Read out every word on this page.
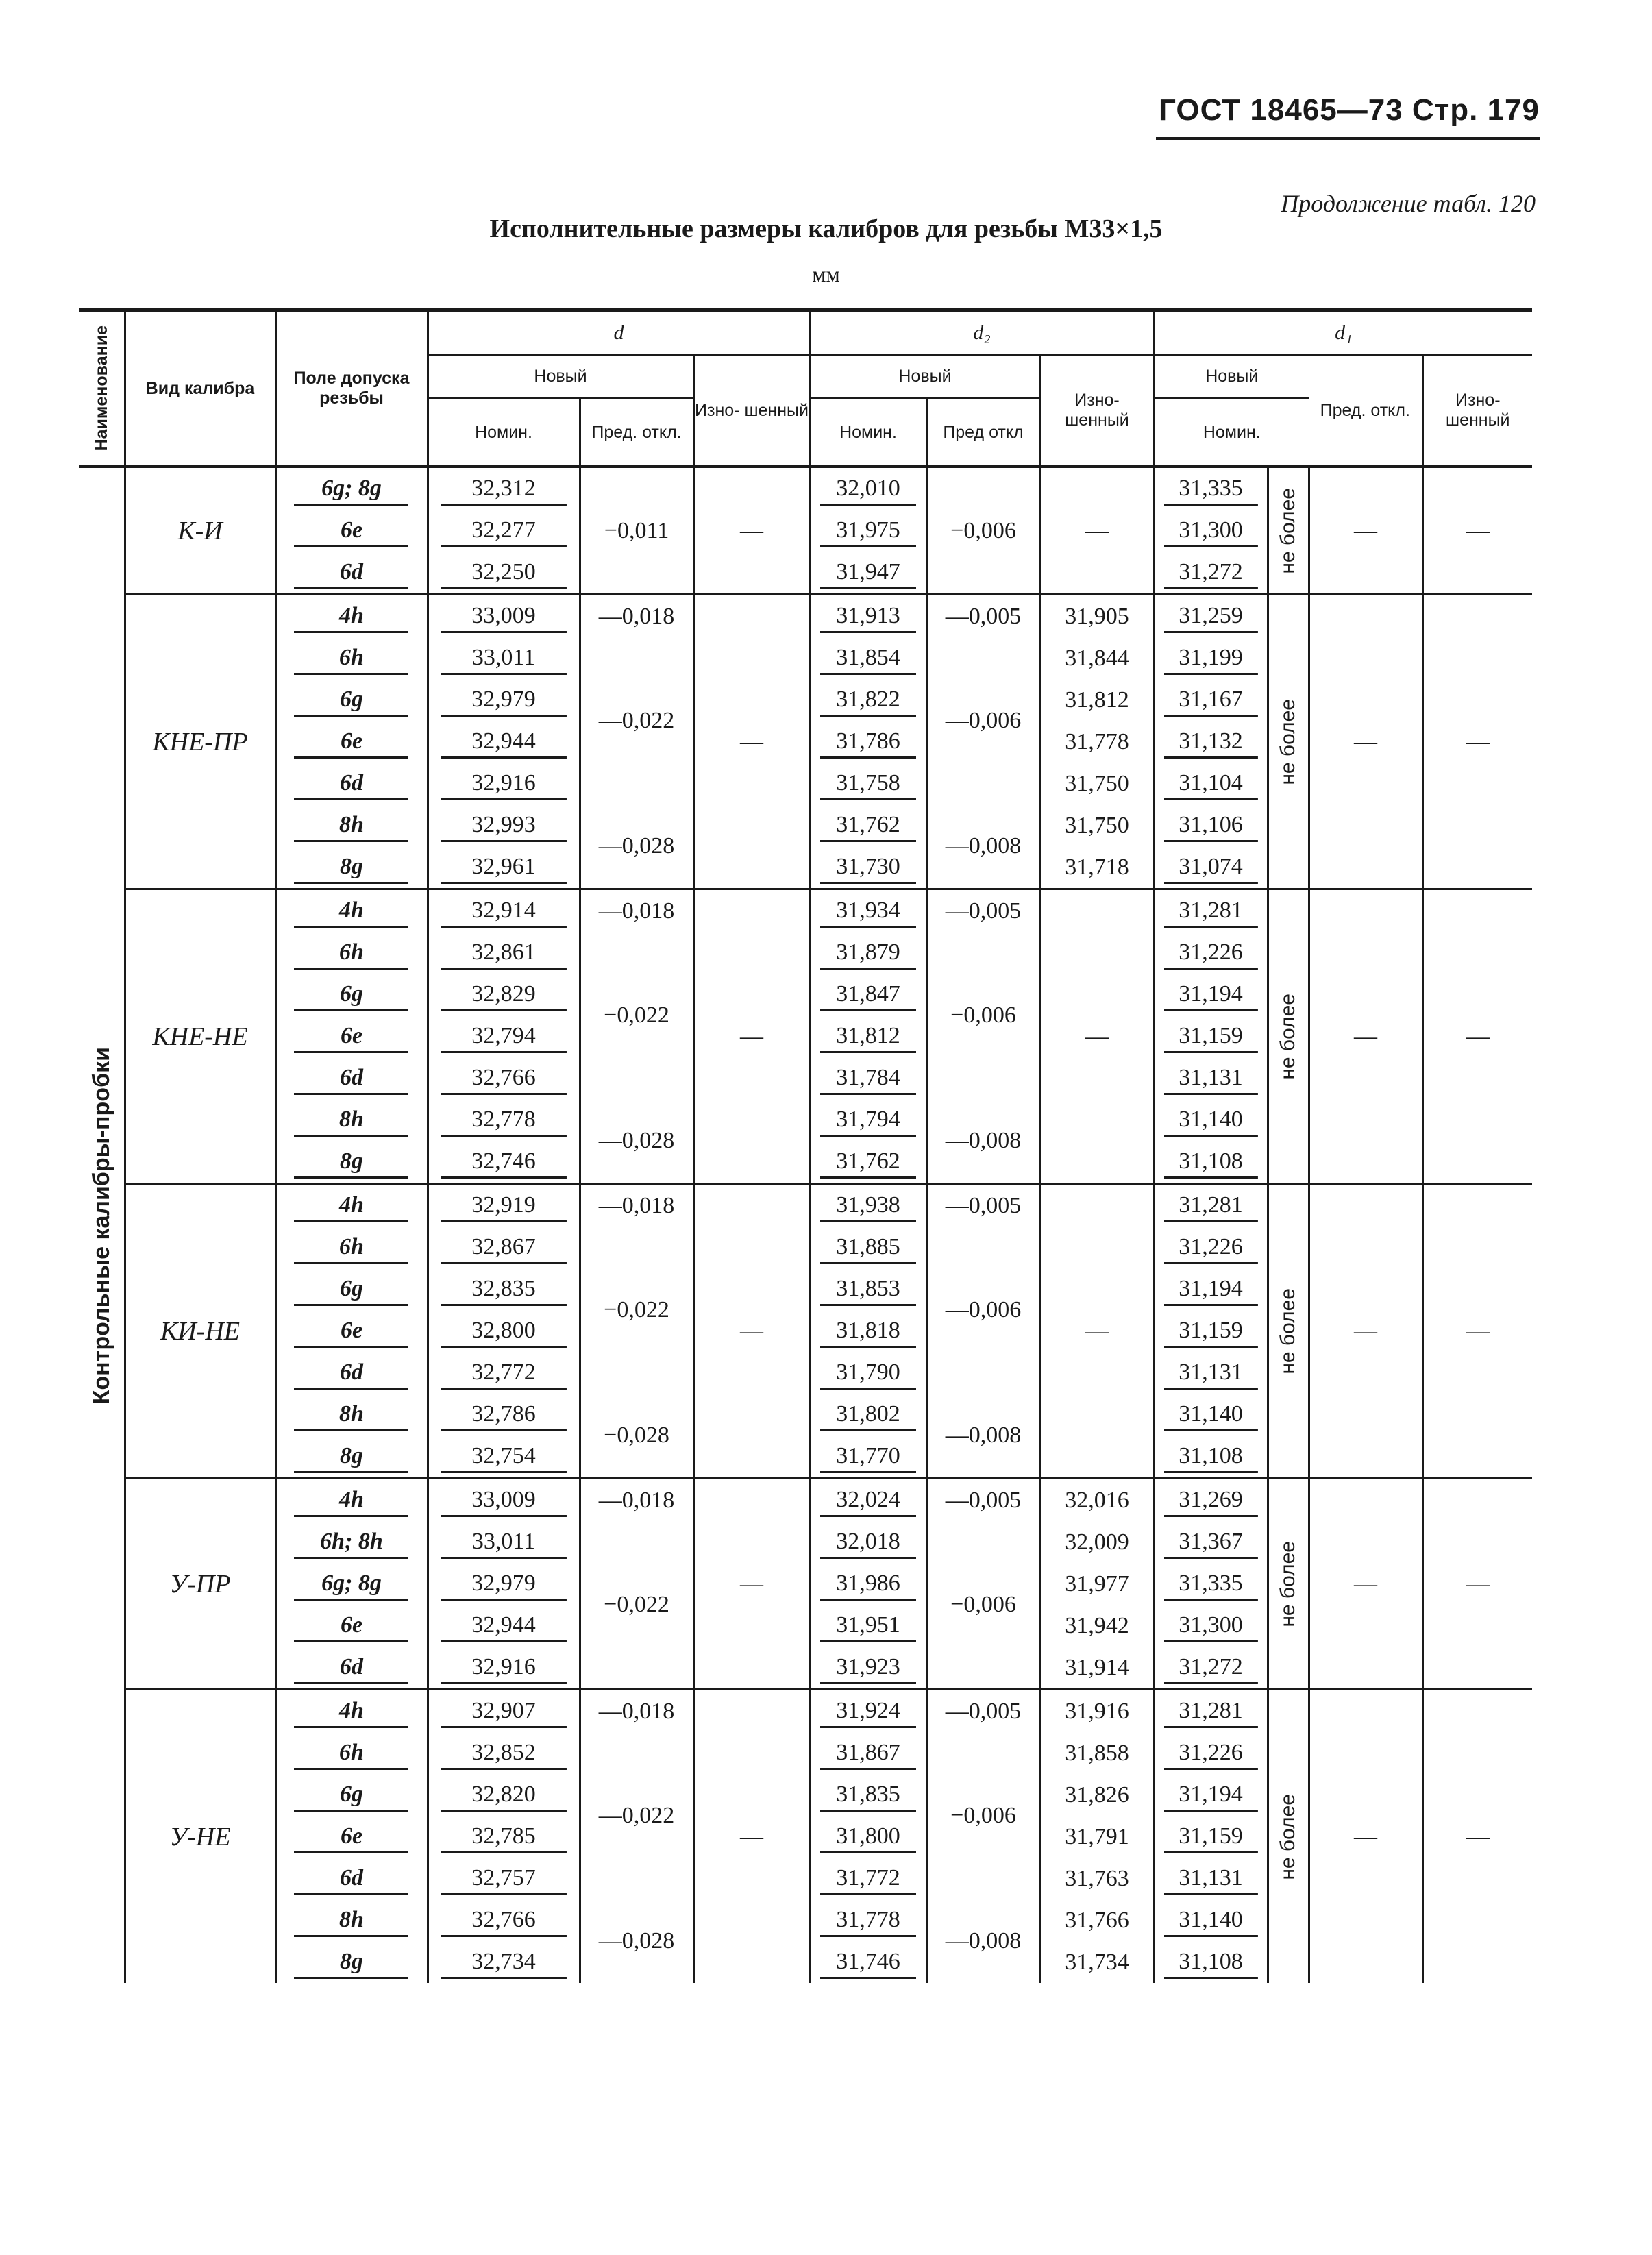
ГОСТ 18465—73 Стр. 179
Продолжение табл. 120
Исполнительные размеры калибров для резьбы М33×1,5
мм
Наименование	Вид калибра	Поле допуска резьбы	d			d₂			d₁			
			Новый		Изно- шенный	Новый		Изно- шенный	Новый		Пред. откл.	Изно- шенный
			Номин.	Пред. откл.		Номин.	Пред откл		Номин.			

Контрольные калибры-пробки	К-И	6g; 8g	32,312	−0,011	—	32,010	−0,006	—	31,335	не более	—	—

		6e	32,277			31,975			31,300			

		6d	32,250			31,947			31,272			

	КНЕ-ПР	4h	33,009	—0,018	—	31,913	—0,005	31,905	31,259	не более	—	—

		6h	33,011	—0,022		31,854	—0,006	31,844	31,199			

		6g	32,979			31,822		31,812	31,167			

		6e	32,944			31,786		31,778	31,132			

		6d	32,916			31,758		31,750	31,104			

		8h	32,993	—0,028		31,762	—0,008	31,750	31,106			

		8g	32,961			31,730		31,718	31,074			

	КНЕ-НЕ	4h	32,914	—0,018	—	31,934	—0,005	—	31,281	не более	—	—

		6h	32,861	−0,022		31,879	−0,006		31,226			

		6g	32,829			31,847			31,194			

		6e	32,794			31,812			31,159			

		6d	32,766			31,784			31,131			

		8h	32,778	—0,028		31,794	—0,008		31,140			

		8g	32,746			31,762			31,108			

	КИ-НЕ	4h	32,919	—0,018	—	31,938	—0,005	—	31,281	не более	—	—

		6h	32,867	−0,022		31,885	—0,006		31,226			

		6g	32,835			31,853			31,194			

		6e	32,800			31,818			31,159			

		6d	32,772			31,790			31,131			

		8h	32,786	−0,028		31,802	—0,008		31,140			

		8g	32,754			31,770			31,108			

	У-ПР	4h	33,009	—0,018	—	32,024	—0,005	32,016	31,269	не более	—	—

		6h; 8h	33,011	−0,022		32,018	−0,006	32,009	31,367			

		6g; 8g	32,979			31,986		31,977	31,335			

		6e	32,944			31,951		31,942	31,300			

		6d	32,916			31,923		31,914	31,272			

	У-НЕ	4h	32,907	—0,018	—	31,924	—0,005	31,916	31,281	не более	—	—

		6h	32,852	—0,022		31,867	−0,006	31,858	31,226			

		6g	32,820			31,835		31,826	31,194			

		6e	32,785			31,800		31,791	31,159			

		6d	32,757			31,772		31,763	31,131			

		8h	32,766	—0,028		31,778	—0,008	31,766	31,140			

		8g	32,734			31,746		31,734	31,108			
